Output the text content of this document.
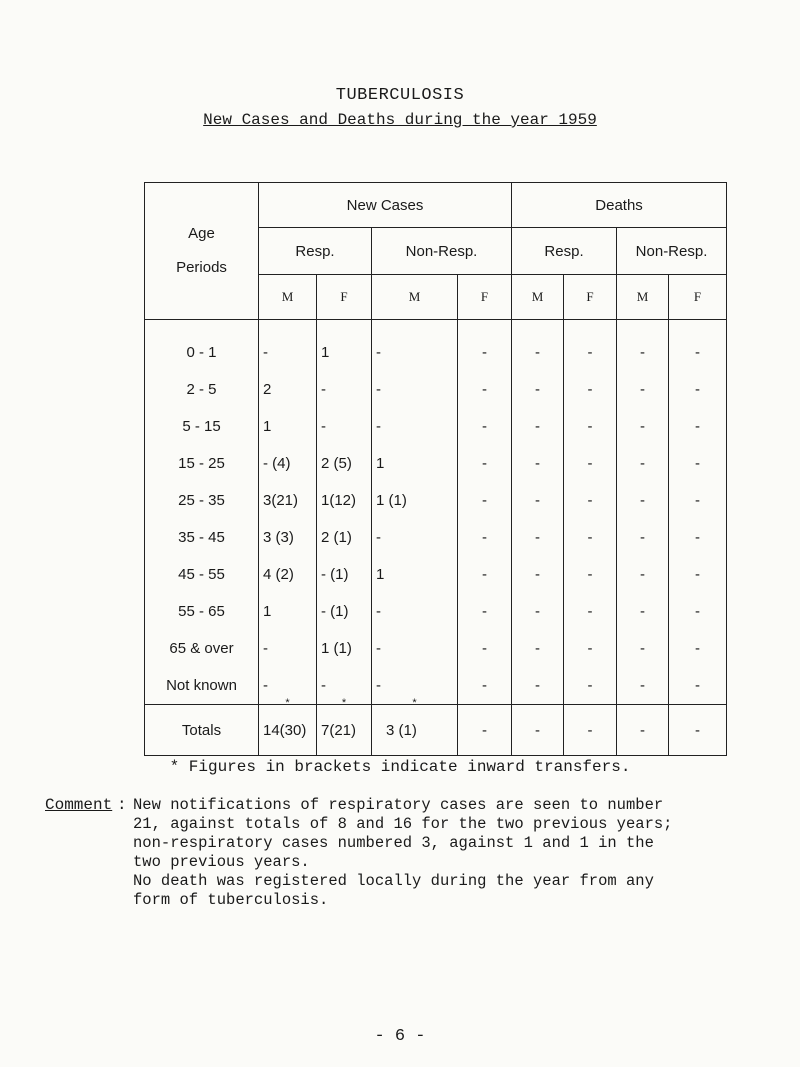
TUBERCULOSIS
New Cases and Deaths during the year 1959
Age
Periods	New Cases				Deaths			
	Resp.		Non-Resp.		Resp.		Non-Resp.	
	M	F	M	F	M	F	M	F
0 - 1	-	1	-	-	-	-	-	-
2 - 5	2	-	-	-	-	-	-	-
5 - 15	1	-	-	-	-	-	-	-
15 - 25	- (4)	2 (5)	1	-	-	-	-	-
25 - 35	3(21)	1(12)	1 (1)	-	-	-	-	-
35 - 45	3 (3)	2 (1)	-	-	-	-	-	-
45 - 55	4 (2)	- (1)	1	-	-	-	-	-
55 - 65	1	- (1)	-	-	-	-	-	-
65 & over	-	1 (1)	-	-	-	-	-	-
Not known	-	-	-	-	-	-	-	-
Totals	* 14(30)	* 7(21)	* 3 (1)	-	-	-	-	-
* Figures in brackets indicate inward transfers.
Comment : New notifications of respiratory cases are seen to number

21, against totals of 8 and 16 for the two previous years;

non-respiratory cases numbered 3, against 1 and 1 in the

two previous years.

No death was registered locally during the year from any

form of tuberculosis.

- 6 -
